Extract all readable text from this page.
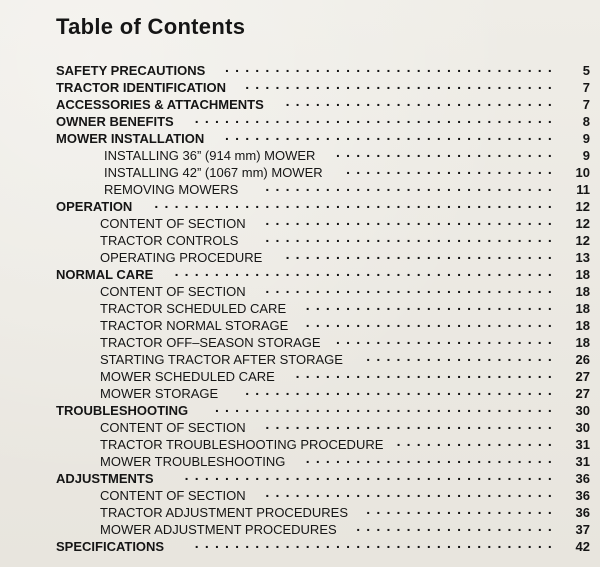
Table of Contents
.................................
SAFETY PRECAUTIONS	5
...............................
TRACTOR IDENTIFICATION	7
...........................
ACCESSORIES & ATTACHMENTS	7
....................................
OWNER BENEFITS	8
.................................
MOWER INSTALLATION	9
......................
INSTALLING 36” (914 mm) MOWER	9
.....................
INSTALLING 42” (1067 mm) MOWER	10
.............................
REMOVING MOWERS	11
........................................
OPERATION	12
.............................
CONTENT OF SECTION	12
.............................
TRACTOR CONTROLS	12
...........................
OPERATING PROCEDURE	13
......................................
NORMAL CARE	18
.............................
CONTENT OF SECTION	18
.........................
TRACTOR SCHEDULED CARE	18
.........................
TRACTOR NORMAL STORAGE	18
......................
TRACTOR OFF–SEASON STORAGE	18
...................
STARTING TRACTOR AFTER STORAGE	26
..........................
MOWER SCHEDULED CARE	27
...............................
MOWER STORAGE	27
..................................
TROUBLESHOOTING	30
.............................
CONTENT OF SECTION	30
................
TRACTOR TROUBLESHOOTING PROCEDURE	31
.........................
MOWER TROUBLESHOOTING	31
.....................................
ADJUSTMENTS	36
.............................
CONTENT OF SECTION	36
...................
TRACTOR ADJUSTMENT PROCEDURES	36
....................
MOWER ADJUSTMENT PROCEDURES	37
....................................
SPECIFICATIONS	42
